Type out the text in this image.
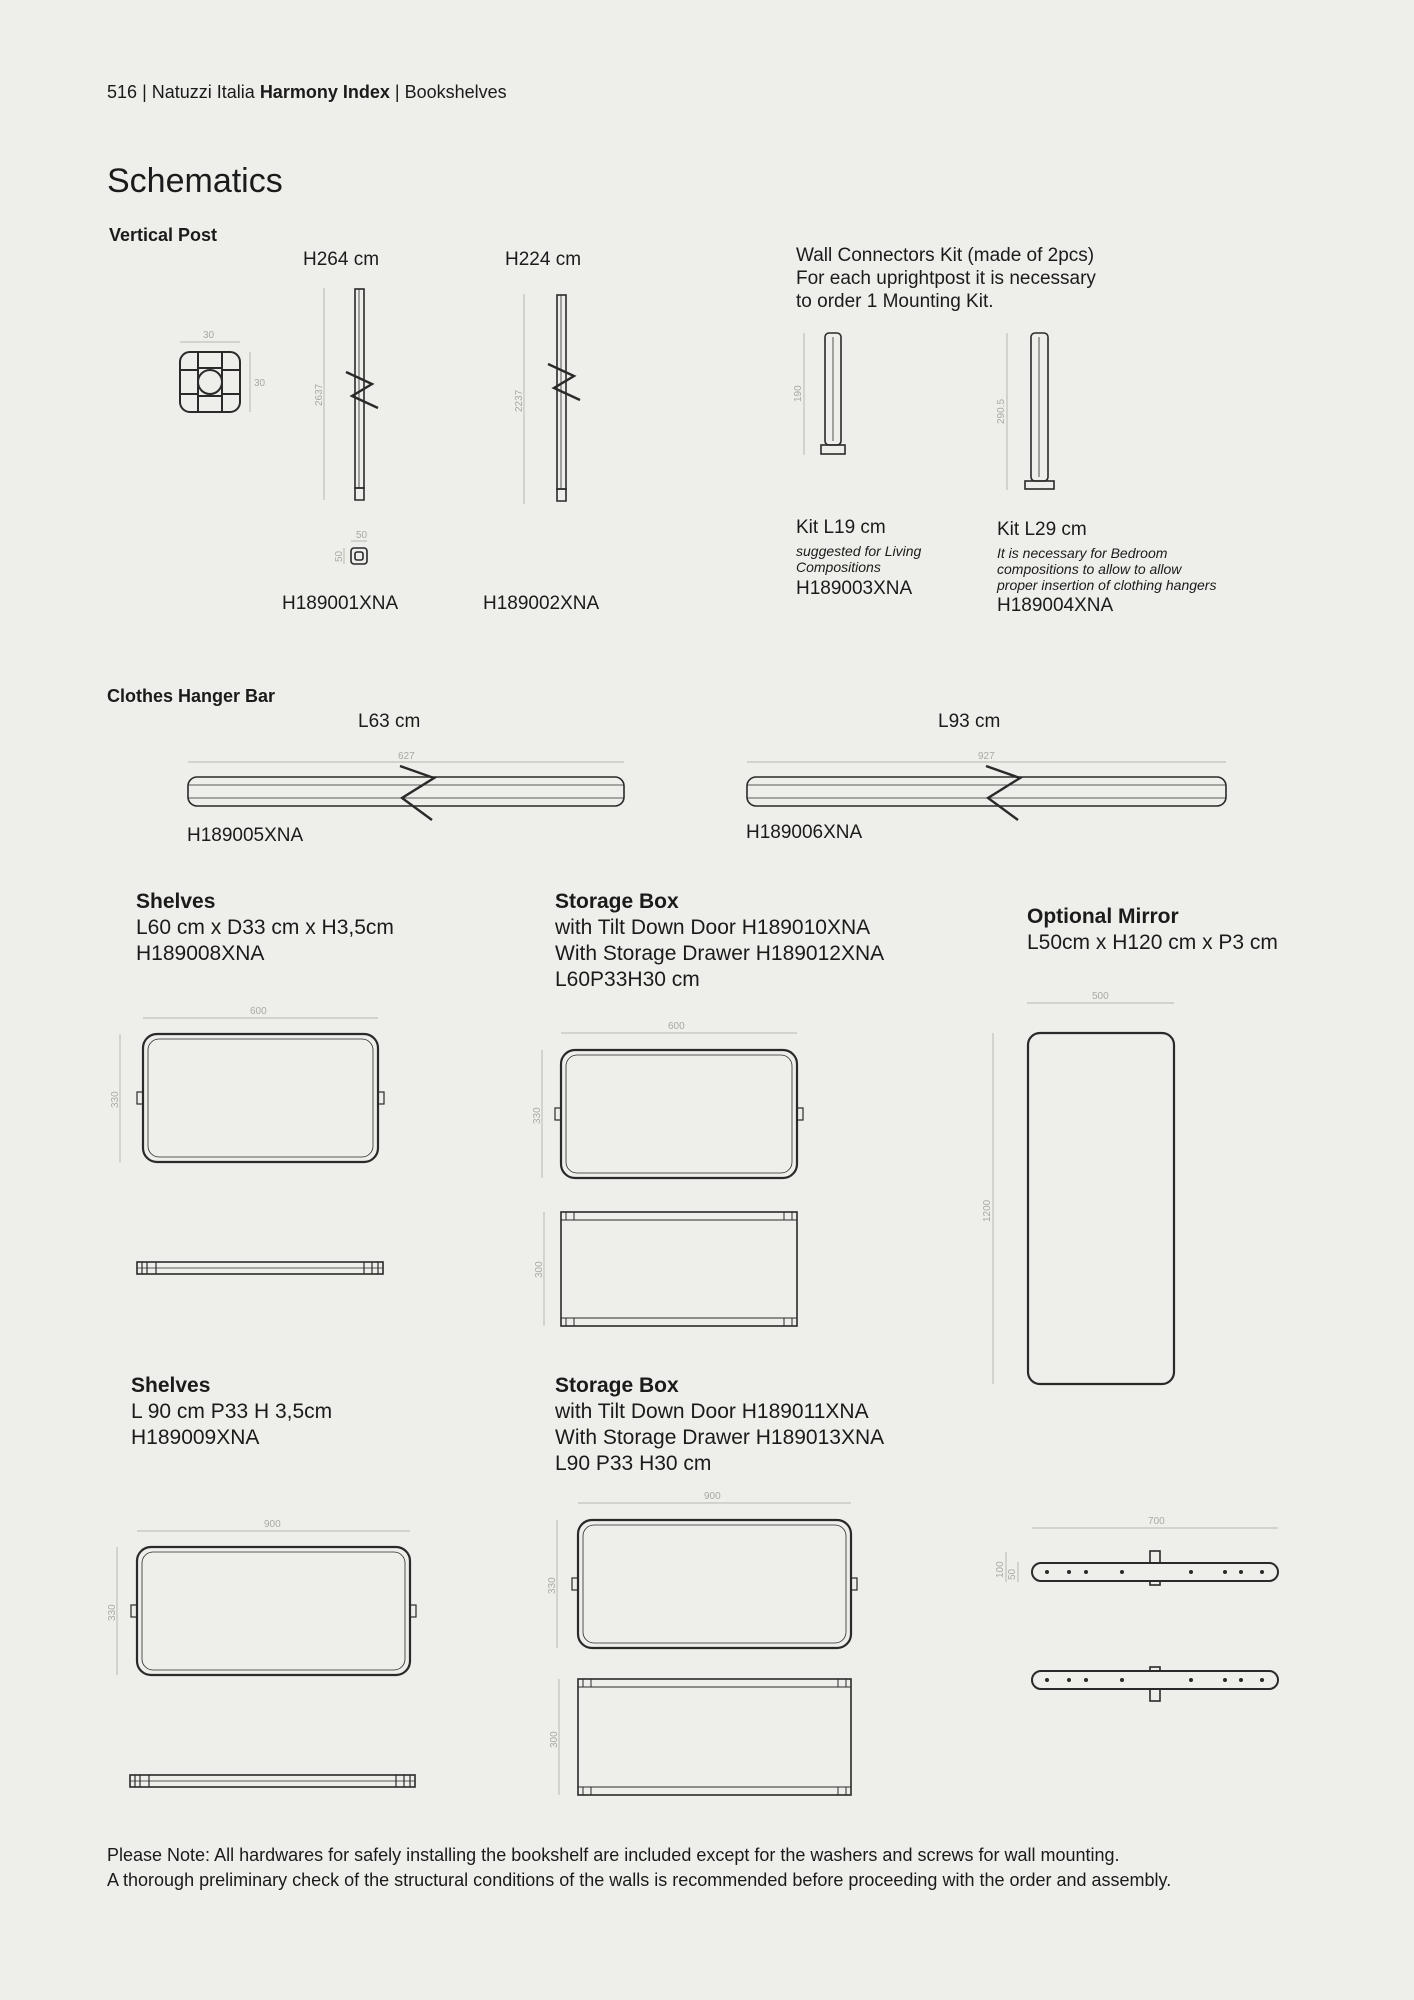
516 | Natuzzi Italia Harmony Index | Bookshelves
Schematics
Vertical Post
H264 cm	H224 cm
H189001XNA	H189002XNA
Wall Connectors Kit (made of 2pcs)
For each uprightpost it is necessary
to order 1 Mounting Kit.
Kit L19 cm
suggested for Living
Compositions
H189003XNA
Kit L29 cm
It is necessary for Bedroom
compositions to allow to allow
proper insertion of clothing hangers
H189004XNA
Clothes Hanger Bar
L63 cm	L93 cm
H189005XNA	H189006XNA
Shelves
L60 cm x D33 cm x H3,5cm
H189008XNA
Storage Box
with Tilt Down Door H189010XNA
With Storage Drawer H189012XNA
L60P33H30 cm
Optional Mirror
L50cm x H120 cm x P3 cm
Shelves
L 90 cm P33 H 3,5cm
H189009XNA
Storage Box
with Tilt Down Door H189011XNA
With Storage Drawer H189013XNA
L90 P33 H30 cm
Please Note: All hardwares for safely installing the bookshelf are included except for the washers and screws for wall mounting.
A thorough preliminary check of the structural conditions of the walls is recommended before proceeding with the order and assembly.
30
30
2637
50
50
2237	190
290.5
627	927
600
330
600
330
300
500
1200
900
330
900
330
300
700
100 50
